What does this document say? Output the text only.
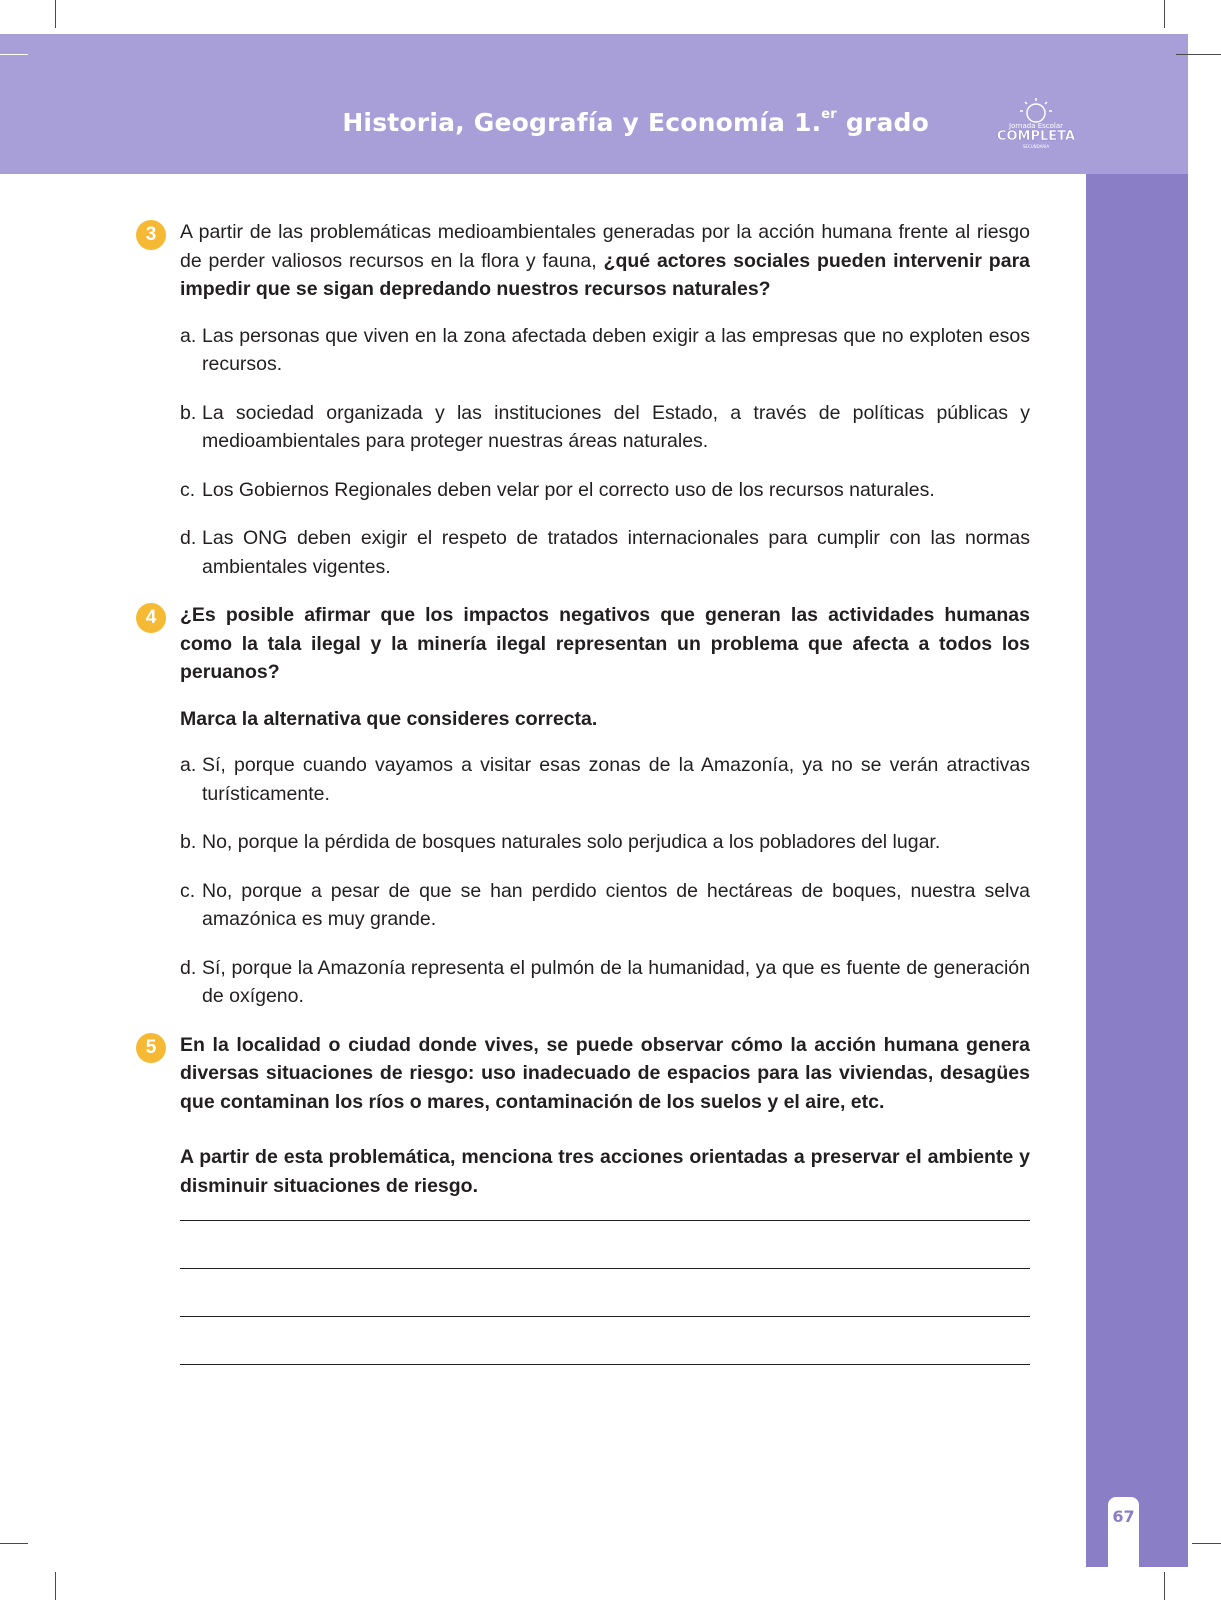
Historia, Geografía y Economía 1.$^{er}$ grado	Jornada Escolar
COMPLETA
SECUNDARIA
67
3	A partir de las problemáticas medioambientales generadas por la acción humana frente al riesgo de perder valiosos recursos en la flora y fauna, ¿qué actores sociales pueden intervenir para impedir que se sigan depredando nuestros recursos naturales?

a. Las personas que viven en la zona afectada deben exigir a las empresas que no exploten esos recursos.
b. La sociedad organizada y las instituciones del Estado, a través de políticas públicas y medioambientales para proteger nuestras áreas naturales.
c. Los Gobiernos Regionales deben velar por el correcto uso de los recursos naturales.
d. Las ONG deben exigir el respeto de tratados internacionales para cumplir con las normas ambientales vigentes.
4	¿Es posible afirmar que los impactos negativos que generan las actividades humanas como la tala ilegal y la minería ilegal representan un problema que afecta a todos los peruanos?

Marca la alternativa que consideres correcta.

a. Sí, porque cuando vayamos a visitar esas zonas de la Amazonía, ya no se verán atractivas turísticamente.
b. No, porque la pérdida de bosques naturales solo perjudica a los pobladores del lugar.
c. No, porque a pesar de que se han perdido cientos de hectáreas de boques, nuestra selva amazónica es muy grande.
d. Sí, porque la Amazonía representa el pulmón de la humanidad, ya que es fuente de generación de oxígeno.
5	En la localidad o ciudad donde vives, se puede observar cómo la acción humana genera diversas situaciones de riesgo: uso inadecuado de espacios para las viviendas, desagües que contaminan los ríos o mares, contaminación de los suelos y el aire, etc.

A partir de esta problemática, menciona tres acciones orientadas a preservar el ambiente y disminuir situaciones de riesgo.
